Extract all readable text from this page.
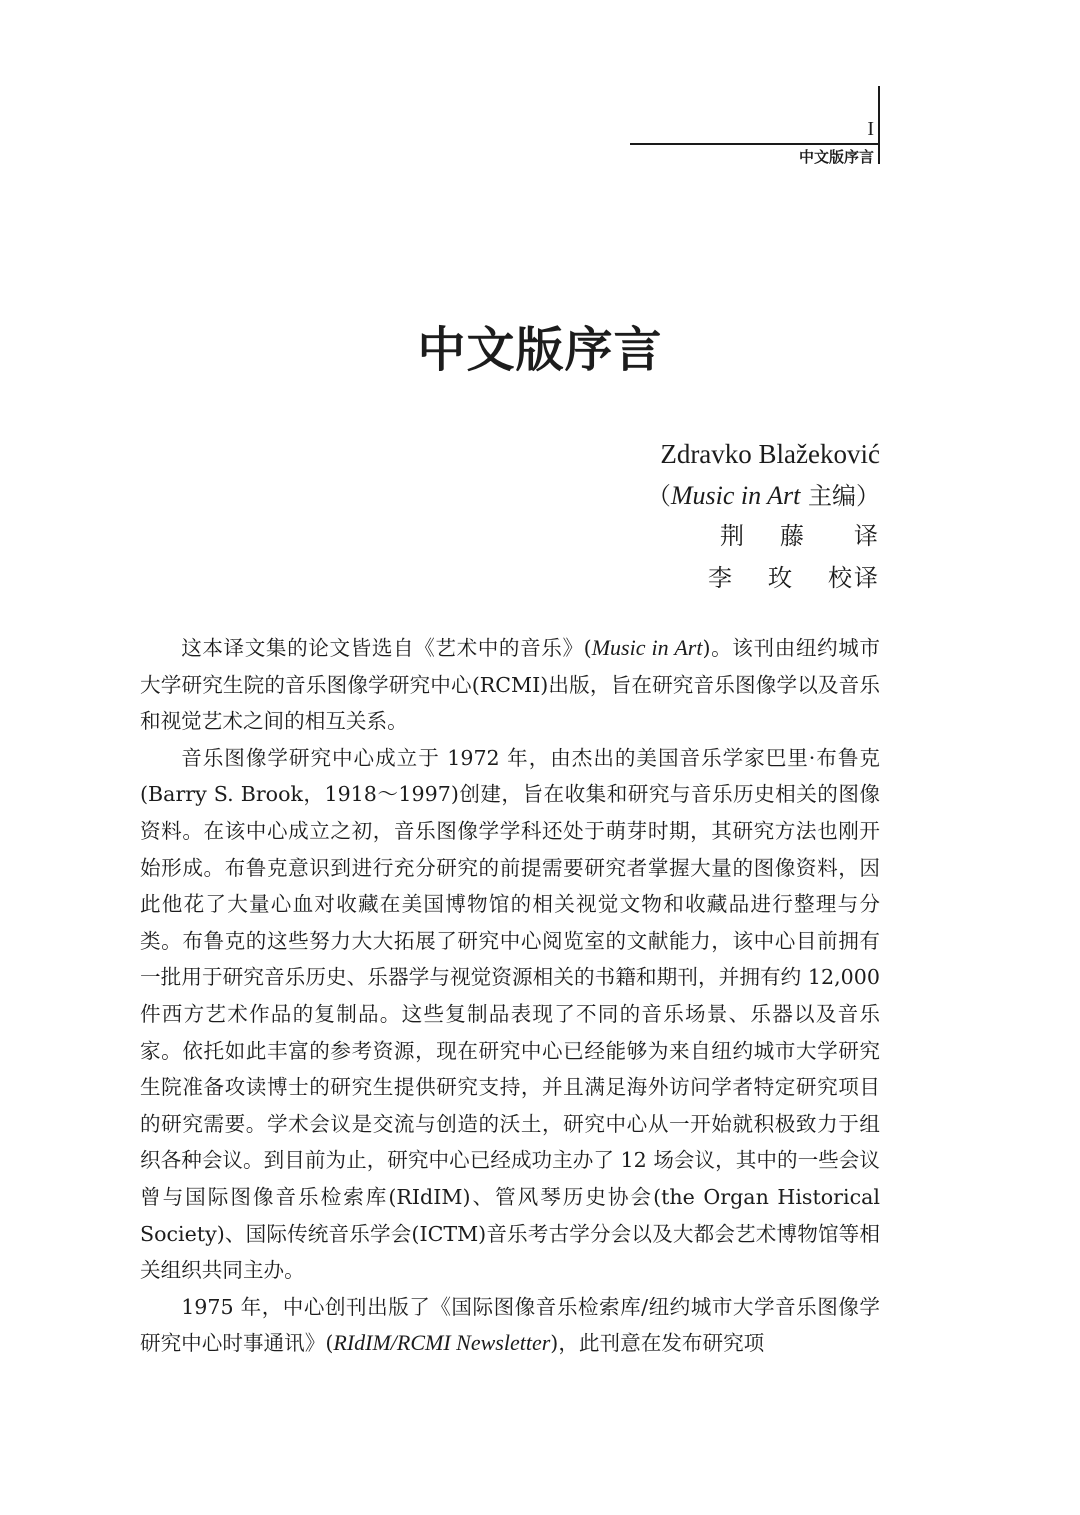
I
中文版序言
中文版序言
Zdravko Blažeković
（Music in Art 主编）
荆 藤 译
李 玫 校译

这本译文集的论文皆选自《艺术中的音乐》(Music in Art)。该刊由纽约城市大学研究生院的音乐图像学研究中心(RCMI)出版，旨在研究音乐图像学以及音乐和视觉艺术之间的相互关系。

音乐图像学研究中心成立于 1972 年，由杰出的美国音乐学家巴里·布鲁克(Barry S. Brook，1918～1997)创建，旨在收集和研究与音乐历史相关的图像资料。在该中心成立之初，音乐图像学学科还处于萌芽时期，其研究方法也刚开始形成。布鲁克意识到进行充分研究的前提需要研究者掌握大量的图像资料，因此他花了大量心血对收藏在美国博物馆的相关视觉文物和收藏品进行整理与分类。布鲁克的这些努力大大拓展了研究中心阅览室的文献能力，该中心目前拥有一批用于研究音乐历史、乐器学与视觉资源相关的书籍和期刊，并拥有约 12,000 件西方艺术作品的复制品。这些复制品表现了不同的音乐场景、乐器以及音乐家。依托如此丰富的参考资源，现在研究中心已经能够为来自纽约城市大学研究生院准备攻读博士的研究生提供研究支持，并且满足海外访问学者特定研究项目的研究需要。学术会议是交流与创造的沃土，研究中心从一开始就积极致力于组织各种会议。到目前为止，研究中心已经成功主办了 12 场会议，其中的一些会议曾与国际图像音乐检索库(RIdIM)、管风琴历史协会(the Organ Historical Society)、国际传统音乐学会(ICTM)音乐考古学分会以及大都会艺术博物馆等相关组织共同主办。

1975 年，中心创刊出版了《国际图像音乐检索库/纽约城市大学音乐图像学研究中心时事通讯》(RIdIM/RCMI Newsletter)，此刊意在发布研究项
